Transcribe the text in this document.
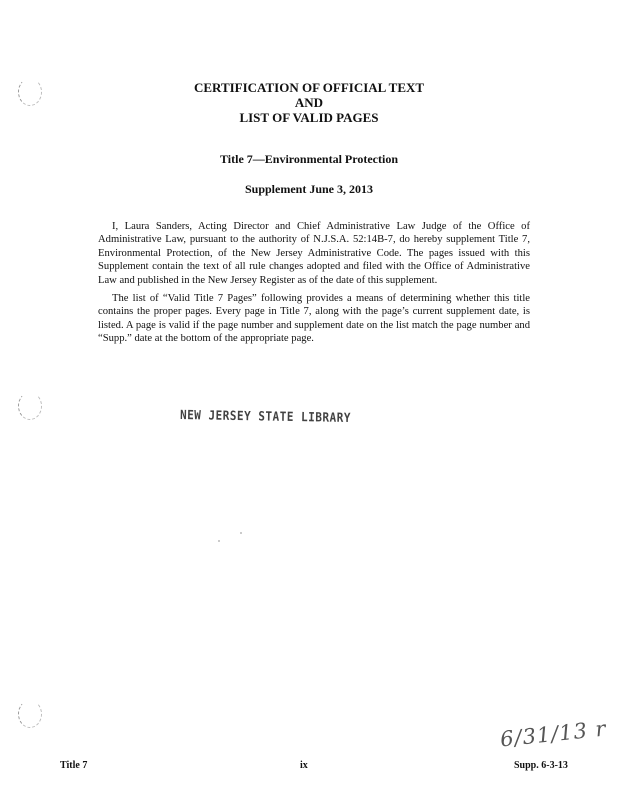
CERTIFICATION OF OFFICIAL TEXT
AND
LIST OF VALID PAGES
Title 7—Environmental Protection
Supplement June 3, 2013
I, Laura Sanders, Acting Director and Chief Administrative Law Judge of the Office of Administrative Law, pursuant to the authority of N.J.S.A. 52:14B-7, do hereby supplement Title 7, Environmental Protection, of the New Jersey Administrative Code. The pages issued with this Supplement contain the text of all rule changes adopted and filed with the Office of Administrative Law and published in the New Jersey Register as of the date of this supplement.
The list of “Valid Title 7 Pages” following provides a means of determining whether this title contains the proper pages. Every page in Title 7, along with the page’s current supplement date, is listed. A page is valid if the page number and supplement date on the list match the page number and “Supp.” date at the bottom of the appropriate page.
NEW JERSEY STATE LIBRARY
6/31/13 r
Title 7	ix	Supp. 6-3-13
